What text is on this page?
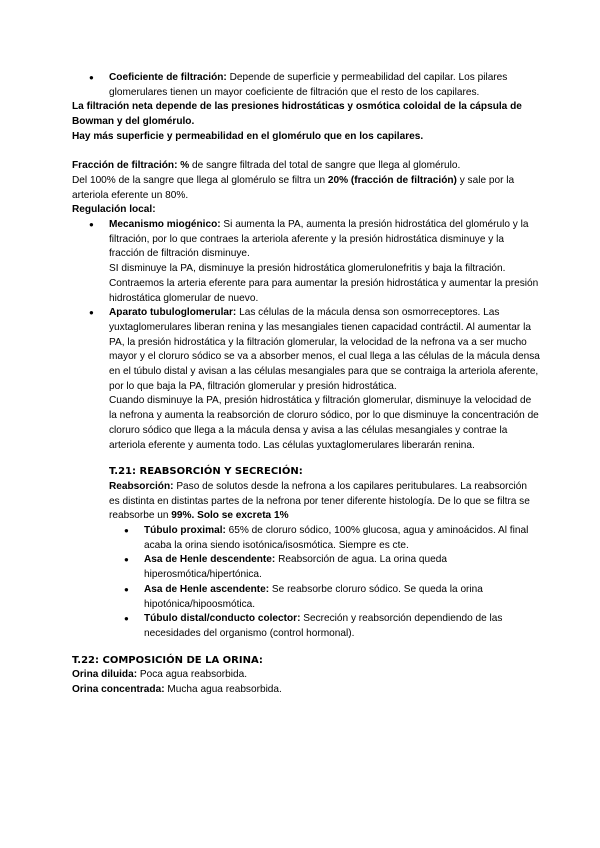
● Coeficiente de filtración: Depende de superficie y permeabilidad del capilar. Los pilares glomerulares tienen un mayor coeficiente de filtración que el resto de los capilares.

La filtración neta depende de las presiones hidrostáticas y osmótica coloidal de la cápsula de Bowman y del glomérulo.

Hay más superficie y permeabilidad en el glomérulo que en los capilares.

Fracción de filtración: % de sangre filtrada del total de sangre que llega al glomérulo.

Del 100% de la sangre que llega al glomérulo se filtra un 20% (fracción de filtración) y sale por la arteriola eferente un 80%.

Regulación local:

● Mecanismo miogénico: Si aumenta la PA, aumenta la presión hidrostática del glomérulo y la filtración, por lo que contraes la arteriola aferente y la presión hidrostática disminuye y la fracción de filtración disminuye.

SI disminuye la PA, disminuye la presión hidrostática glomerulonefritis y baja la filtración. Contraemos la arteria eferente para para aumentar la presión hidrostática y aumentar la presión hidrostática glomerular de nuevo.

● Aparato tubuloglomerular: Las células de la mácula densa son osmorreceptores. Las yuxtaglomerulares liberan renina y las mesangiales tienen capacidad contráctil. Al aumentar la PA, la presión hidrostática y la filtración glomerular, la velocidad de la nefrona va a ser mucho mayor y el cloruro sódico se va a absorber menos, el cual llega a las células de la mácula densa en el túbulo distal y avisan a las células mesangiales para que se contraiga la arteriola aferente, por lo que baja la PA, filtración glomerular y presión hidrostática.

Cuando disminuye la PA, presión hidrostática y filtración glomerular, disminuye la velocidad de la nefrona y aumenta la reabsorción de cloruro sódico, por lo que disminuye la concentración de cloruro sódico que llega a la mácula densa y avisa a las células mesangiales y contrae la arteriola eferente y aumenta todo. Las células yuxtaglomerulares liberarán renina.

T.21: REABSORCIÓN Y SECRECIÓN:

Reabsorción: Paso de solutos desde la nefrona a los capilares peritubulares. La reabsorción es distinta en distintas partes de la nefrona por tener diferente histología. De lo que se filtra se reabsorbe un 99%. Solo se excreta 1%

● Túbulo proximal: 65% de cloruro sódico, 100% glucosa, agua y aminoácidos. Al final acaba la orina siendo isotónica/isosmótica. Siempre es cte.
● Asa de Henle descendente: Reabsorción de agua. La orina queda hiperosmótica/hipertónica.
● Asa de Henle ascendente: Se reabsorbe cloruro sódico. Se queda la orina hipotónica/hipoosmótica.
● Túbulo distal/conducto colector: Secreción y reabsorción dependiendo de las necesidades del organismo (control hormonal).

T.22: COMPOSICIÓN DE LA ORINA:

Orina diluida: Poca agua reabsorbida.

Orina concentrada: Mucha agua reabsorbida.
